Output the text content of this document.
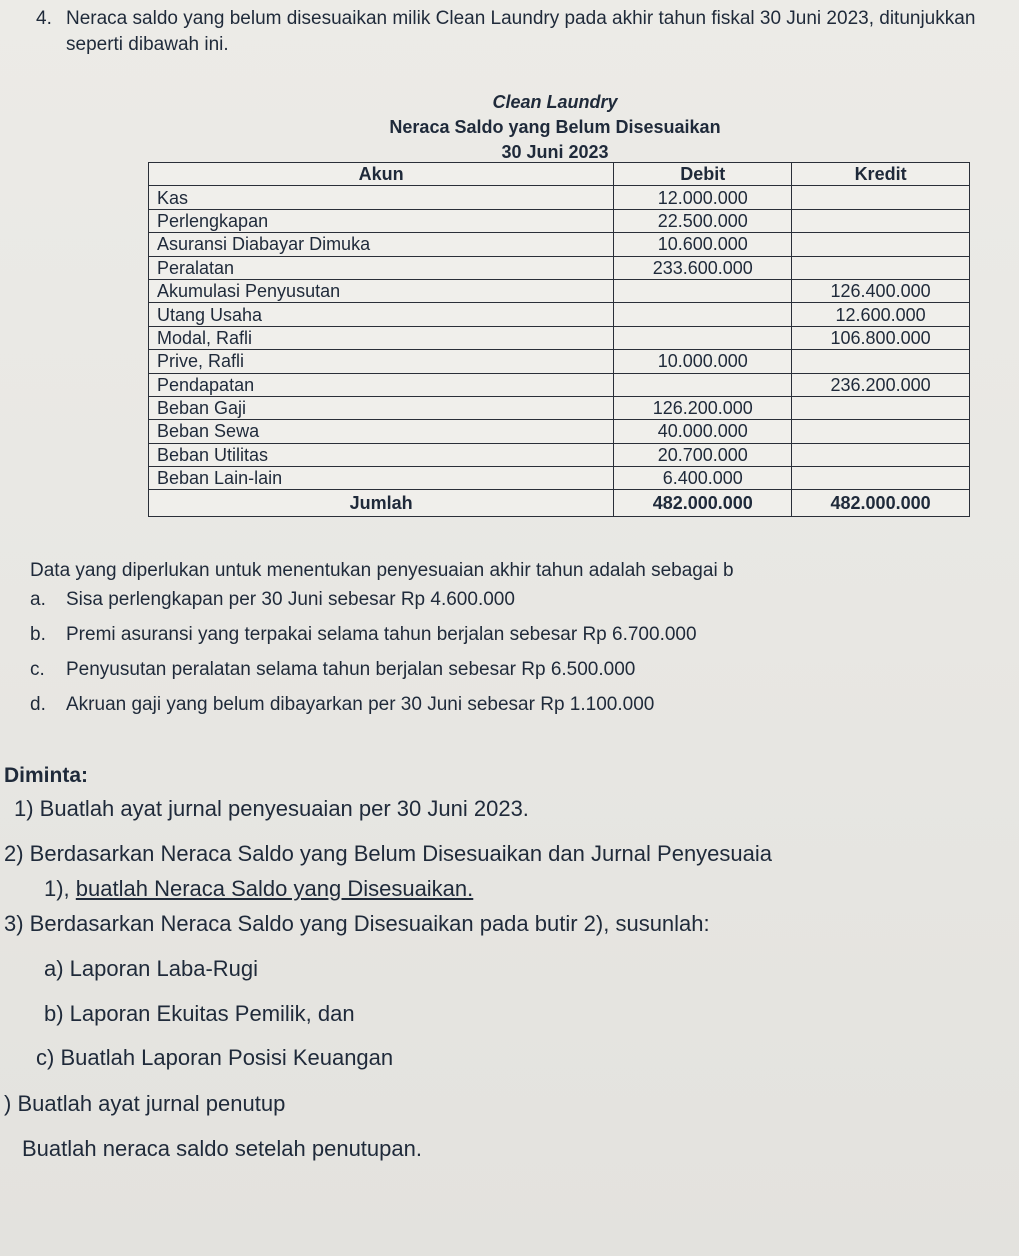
4. Neraca saldo yang belum disesuaikan milik Clean Laundry pada akhir tahun fiskal 30 Juni 2023, ditunjukkan seperti dibawah ini.
Clean Laundry
Neraca Saldo yang Belum Disesuaikan
30 Juni 2023
Akun	Debit	Kredit
Kas	12.000.000	
Perlengkapan	22.500.000	
Asuransi Diabayar Dimuka	10.600.000	
Peralatan	233.600.000	
Akumulasi Penyusutan		126.400.000
Utang Usaha		12.600.000
Modal, Rafli		106.800.000
Prive, Rafli	10.000.000	
Pendapatan		236.200.000
Beban Gaji	126.200.000	
Beban Sewa	40.000.000	
Beban Utilitas	20.700.000	
Beban Lain-lain	6.400.000	
Jumlah	482.000.000	482.000.000
Data yang diperlukan untuk menentukan penyesuaian akhir tahun adalah sebagai b
a. Sisa perlengkapan per 30 Juni sebesar Rp 4.600.000
b. Premi asuransi yang terpakai selama tahun berjalan sebesar Rp 6.700.000
c. Penyusutan peralatan selama tahun berjalan sebesar Rp 6.500.000
d. Akruan gaji yang belum dibayarkan per 30 Juni sebesar Rp 1.100.000
Diminta:
1) Buatlah ayat jurnal penyesuaian per 30 Juni 2023.
2) Berdasarkan Neraca Saldo yang Belum Disesuaikan dan Jurnal Penyesuaia
1), buatlah Neraca Saldo yang Disesuaikan.
3) Berdasarkan Neraca Saldo yang Disesuaikan pada butir 2), susunlah:
a) Laporan Laba-Rugi
b) Laporan Ekuitas Pemilik, dan
c) Buatlah Laporan Posisi Keuangan
) Buatlah ayat jurnal penutup
Buatlah neraca saldo setelah penutupan.
